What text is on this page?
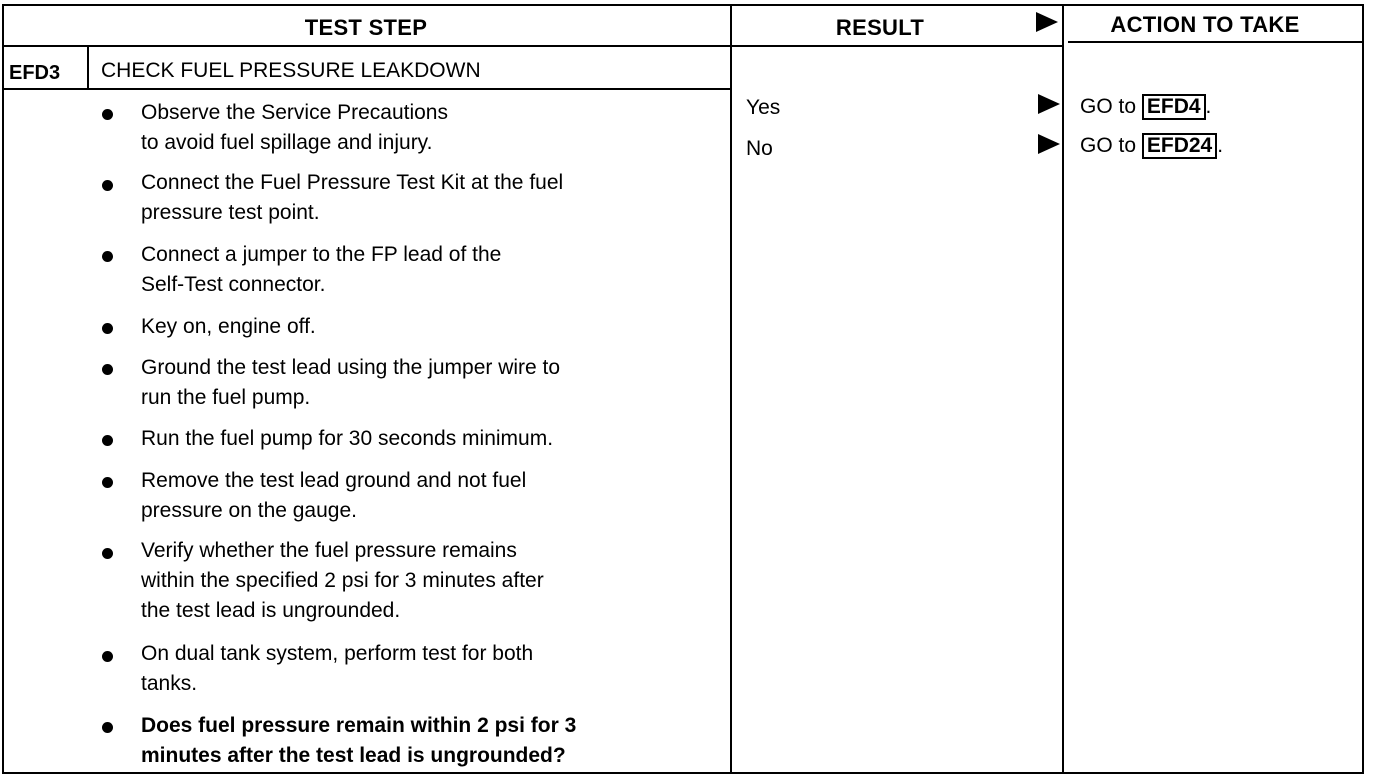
TEST STEP	RESULT	ACTION TO TAKE
EFD3 CHECK FUEL PRESSURE LEAKDOWN
Observe the Service Precautions
to avoid fuel spillage and injury.
Connect the Fuel Pressure Test Kit at the fuel
pressure test point.
Connect a jumper to the FP lead of the
Self-Test connector.
Key on, engine off.
Ground the test lead using the jumper wire to
run the fuel pump.
Run the fuel pump for 30 seconds minimum.
Remove the test lead ground and not fuel
pressure on the gauge.
Verify whether the fuel pressure remains
within the specified 2 psi for 3 minutes after
the test lead is ungrounded.
On dual tank system, perform test for both
tanks.
Does fuel pressure remain within 2 psi for 3
minutes after the test lead is ungrounded?
Yes	GO to EFD4 .
No	GO to EFD24 .
